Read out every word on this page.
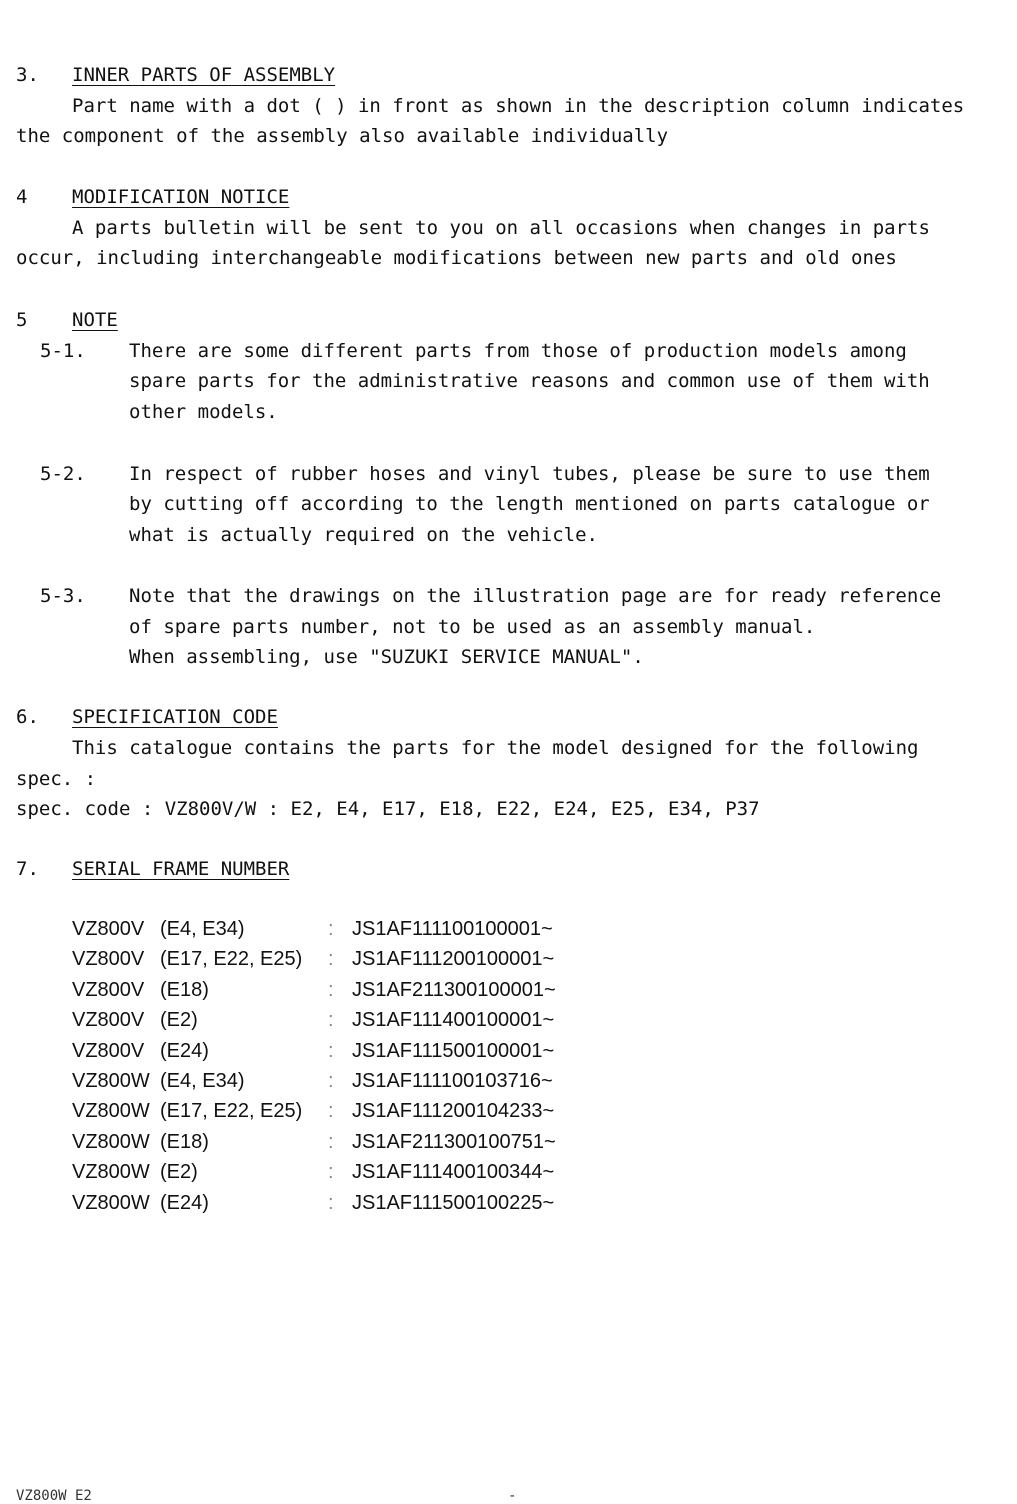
3. INNER PARTS OF ASSEMBLY
Part name with a dot ( ) in front as shown in the description column indicates
the component of the assembly also available individually
4 MODIFICATION NOTICE
A parts bulletin will be sent to you on all occasions when changes in parts
occur, including interchangeable modifications between new parts and old ones
5 NOTE
5-1. There are some different parts from those of production models among
spare parts for the administrative reasons and common use of them with
other models.
5-2. In respect of rubber hoses and vinyl tubes, please be sure to use them
by cutting off according to the length mentioned on parts catalogue or
what is actually required on the vehicle.
5-3. Note that the drawings on the illustration page are for ready reference
of spare parts number, not to be used as an assembly manual.
When assembling, use "SUZUKI SERVICE MANUAL".
6. SPECIFICATION CODE
This catalogue contains the parts for the model designed for the following
spec. :
spec. code : VZ800V/W : E2, E4, E17, E18, E22, E24, E25, E34, P37
7. SERIAL FRAME NUMBER
VZ800V (E4, E34)	: JS1AF111100100001~
VZ800V (E17, E22, E25) : JS1AF111200100001~
VZ800V (E18)	: JS1AF211300100001~
VZ800V (E2)	: JS1AF111400100001~
VZ800V (E24)	: JS1AF111500100001~
VZ800W (E4, E34)	: JS1AF111100103716~
VZ800W (E17, E22, E25) : JS1AF111200104233~
VZ800W (E18)	: JS1AF211300100751~
VZ800W (E2)	: JS1AF111400100344~
VZ800W (E24)	: JS1AF111500100225~
VZ800W E2	-
